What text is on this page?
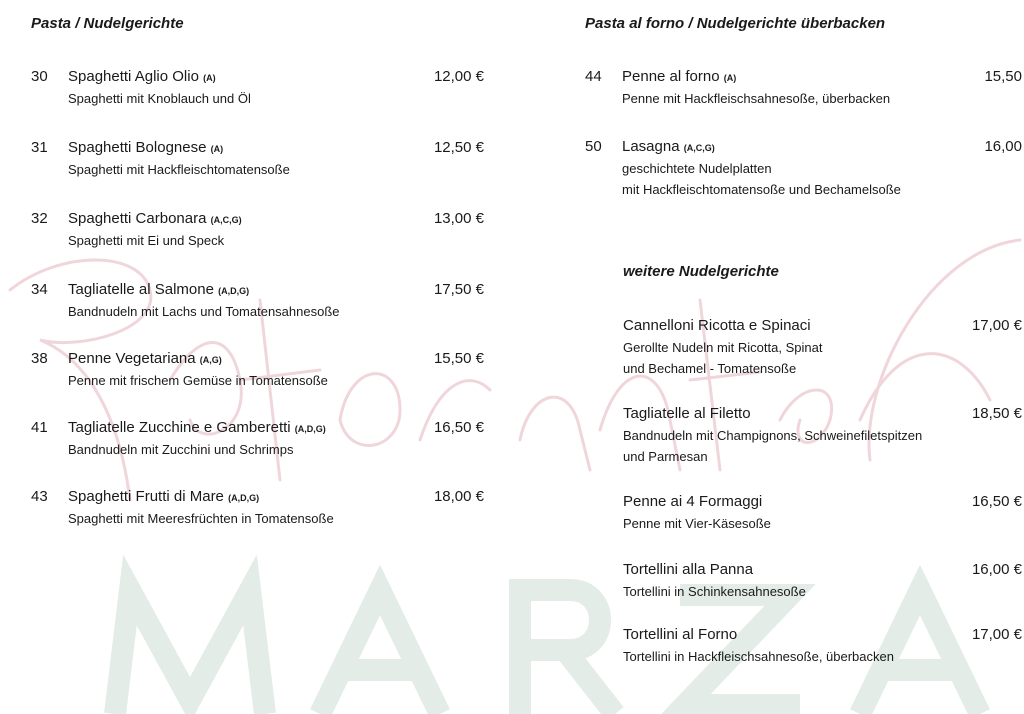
Pasta / Nudelgerichte	Pasta al forno / Nudelgerichte überbacken
weitere Nudelgerichte
30 Spaghetti Aglio Olio (A)
Spaghetti mit Knoblauch und Öl
12,00 €
31 Spaghetti Bolognese (A)
Spaghetti mit Hackfleischtomatensoße
12,50 €
32 Spaghetti Carbonara (A,C,G)
Spaghetti mit Ei und Speck
13,00 €
34 Tagliatelle al Salmone (A,D,G)
Bandnudeln mit Lachs und Tomatensahnesoße
17,50 €
38 Penne Vegetariana (A,G)
Penne mit frischem Gemüse in Tomatensoße
15,50 €
41 Tagliatelle Zucchine e Gamberetti (A,D,G)
Bandnudeln mit Zucchini und Schrimps
16,50 €
43 Spaghetti Frutti di Mare (A,D,G)
Spaghetti mit Meeresfrüchten in Tomatensoße
18,00 €
44 Penne al forno (A)
Penne mit Hackfleischsahnesoße, überbacken
15,50
50 Lasagna (A,C,G)
geschichtete Nudelplatten
mit Hackfleischtomatensoße und Bechamelsoße
16,00
Cannelloni Ricotta e Spinaci
Gerollte Nudeln mit Ricotta, Spinat
und Bechamel - Tomatensoße
17,00 €
Tagliatelle al Filetto
Bandnudeln mit Champignons, Schweinefiletspitzen
und Parmesan
18,50 €
Penne ai 4 Formaggi
Penne mit Vier-Käsesoße
16,50 €
Tortellini alla Panna
Tortellini in Schinkensahnesoße
16,00 €
Tortellini al Forno
Tortellini in Hackfleischsahnesoße, überbacken
17,00 €
